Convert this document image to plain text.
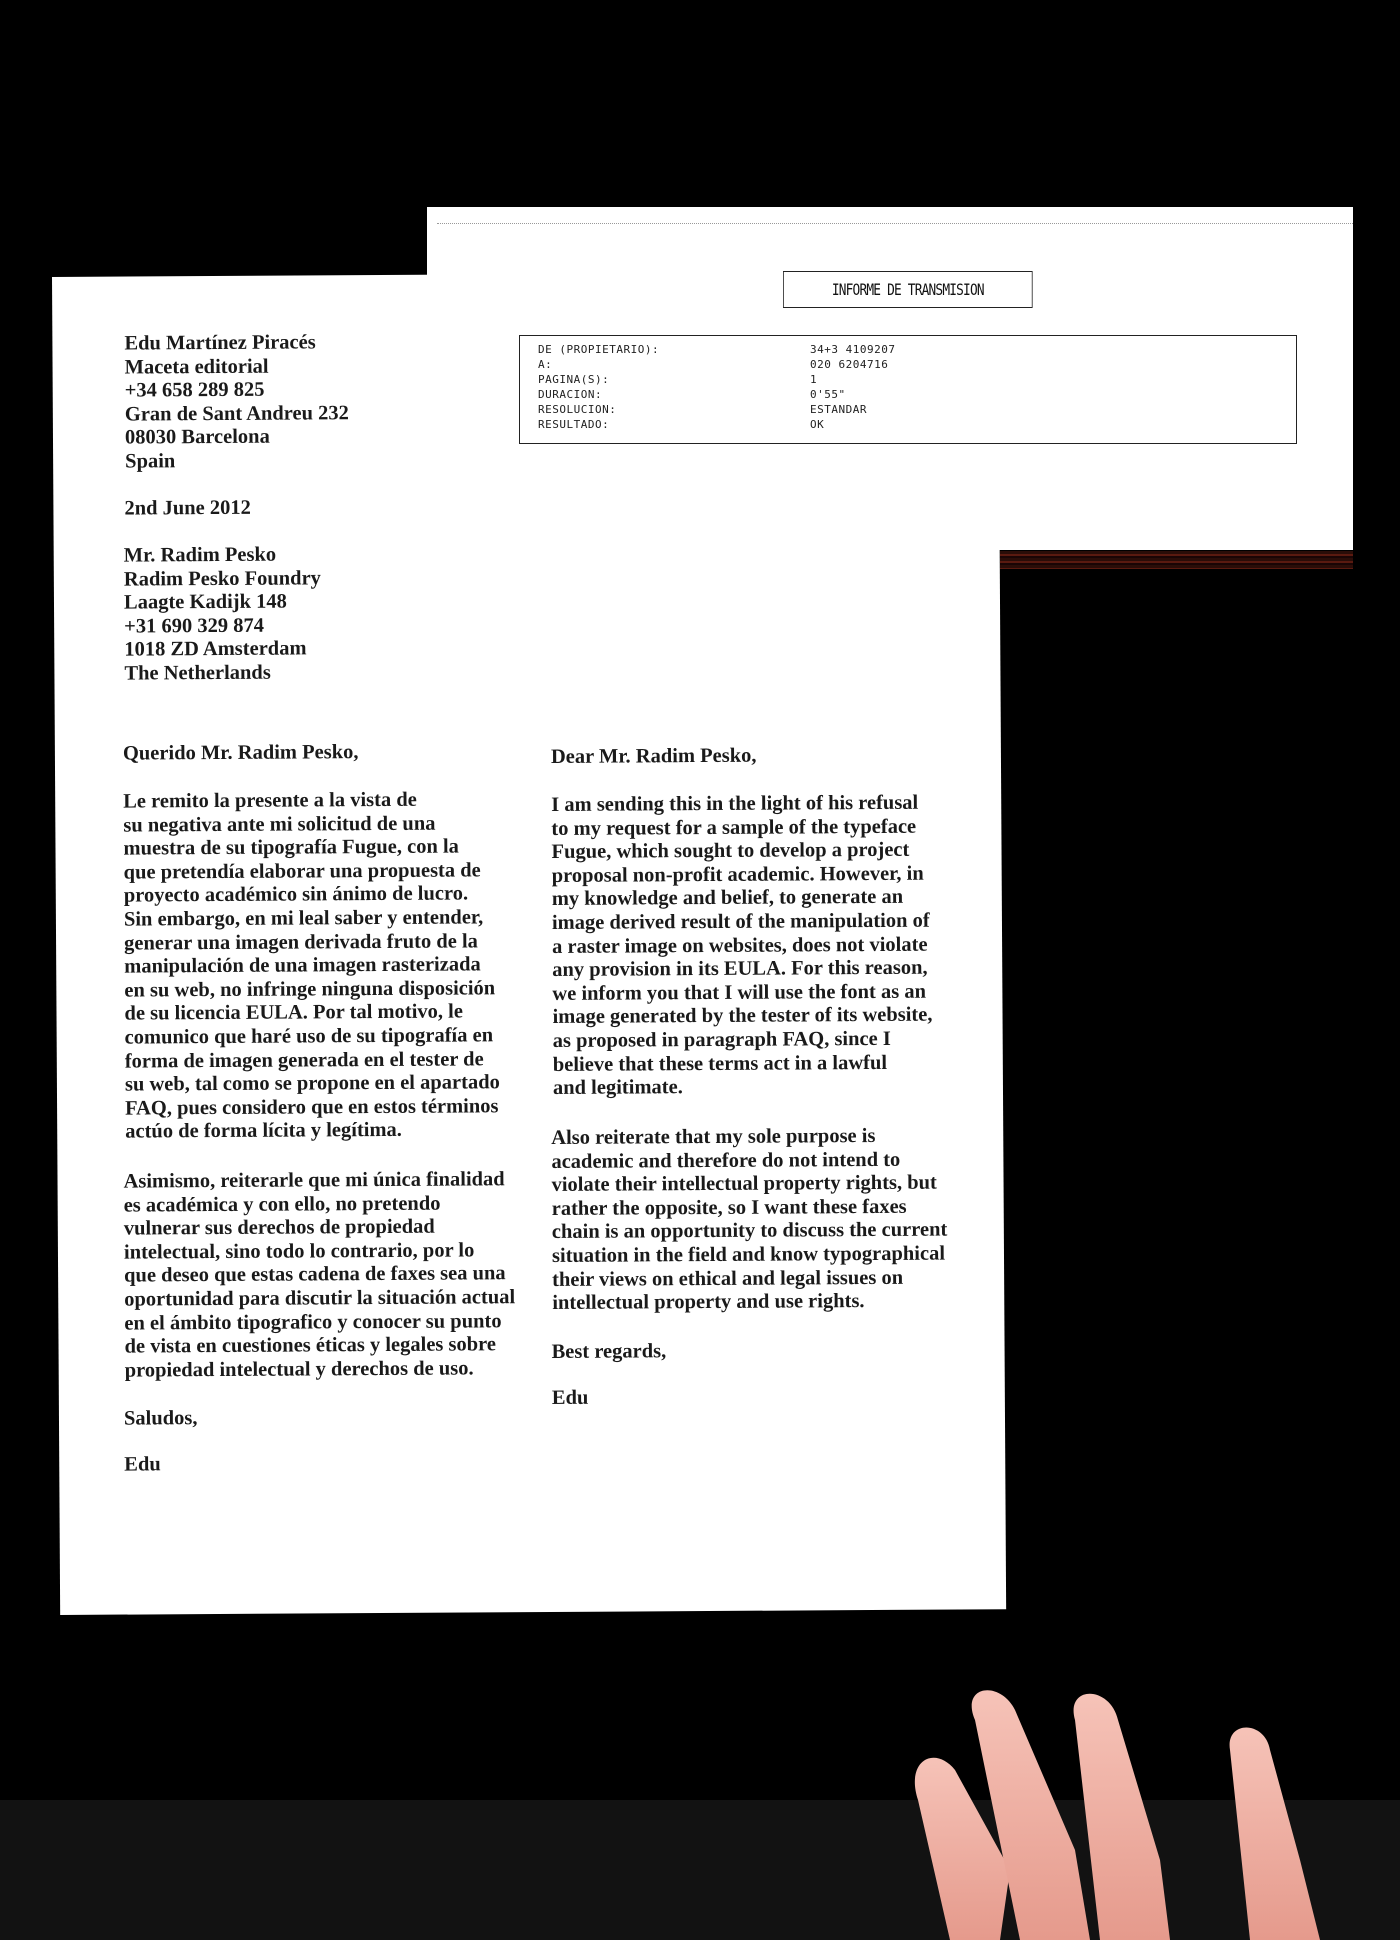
Edu Martínez Piracés
Maceta editorial
+34 658 289 825
Gran de Sant Andreu 232
08030 Barcelona
Spain
2nd June 2012
Mr. Radim Pesko
Radim Pesko Foundry
Laagte Kadijk 148
+31 690 329 874
1018 ZD Amsterdam
The Netherlands
Querido Mr. Radim Pesko,
Le remito la presente a la vista de
su negativa ante mi solicitud de una
muestra de su tipografía Fugue, con la
que pretendía elaborar una propuesta de
proyecto académico sin ánimo de lucro.
Sin embargo, en mi leal saber y entender,
generar una imagen derivada fruto de la
manipulación de una imagen rasterizada
en su web, no infringe ninguna disposición
de su licencia EULA. Por tal motivo, le
comunico que haré uso de su tipografía en
forma de imagen generada en el tester de
su web, tal como se propone en el apartado
FAQ, pues considero que en estos términos
actúo de forma lícita y legítima.
Asimismo, reiterarle que mi única finalidad
es académica y con ello, no pretendo
vulnerar sus derechos de propiedad
intelectual, sino todo lo contrario, por lo
que deseo que estas cadena de faxes sea una
oportunidad para discutir la situación actual
en el ámbito tipografico y conocer su punto
de vista en cuestiones éticas y legales sobre
propiedad intelectual y derechos de uso.
Saludos,
Edu
Dear Mr. Radim Pesko,
I am sending this in the light of his refusal
to my request for a sample of the typeface
Fugue, which sought to develop a project
proposal non-profit academic. However, in
my knowledge and belief, to generate an
image derived result of the manipulation of
a raster image on websites, does not violate
any provision in its EULA. For this reason,
we inform you that I will use the font as an
image generated by the tester of its website,
as proposed in paragraph FAQ, since I
believe that these terms act in a lawful
and legitimate.
Also reiterate that my sole purpose is
academic and therefore do not intend to
violate their intellectual property rights, but
rather the opposite, so I want these faxes
chain is an opportunity to discuss the current
situation in the field and know typographical
their views on ethical and legal issues on
intellectual property and use rights.
Best regards,
Edu
INFORME DE TRANSMISION
DE (PROPIETARIO):	34+3 4109207
A:	020 6204716
PAGINA(S):	1
DURACION:	0'55"
RESOLUCION:	ESTANDAR
RESULTADO:	OK
